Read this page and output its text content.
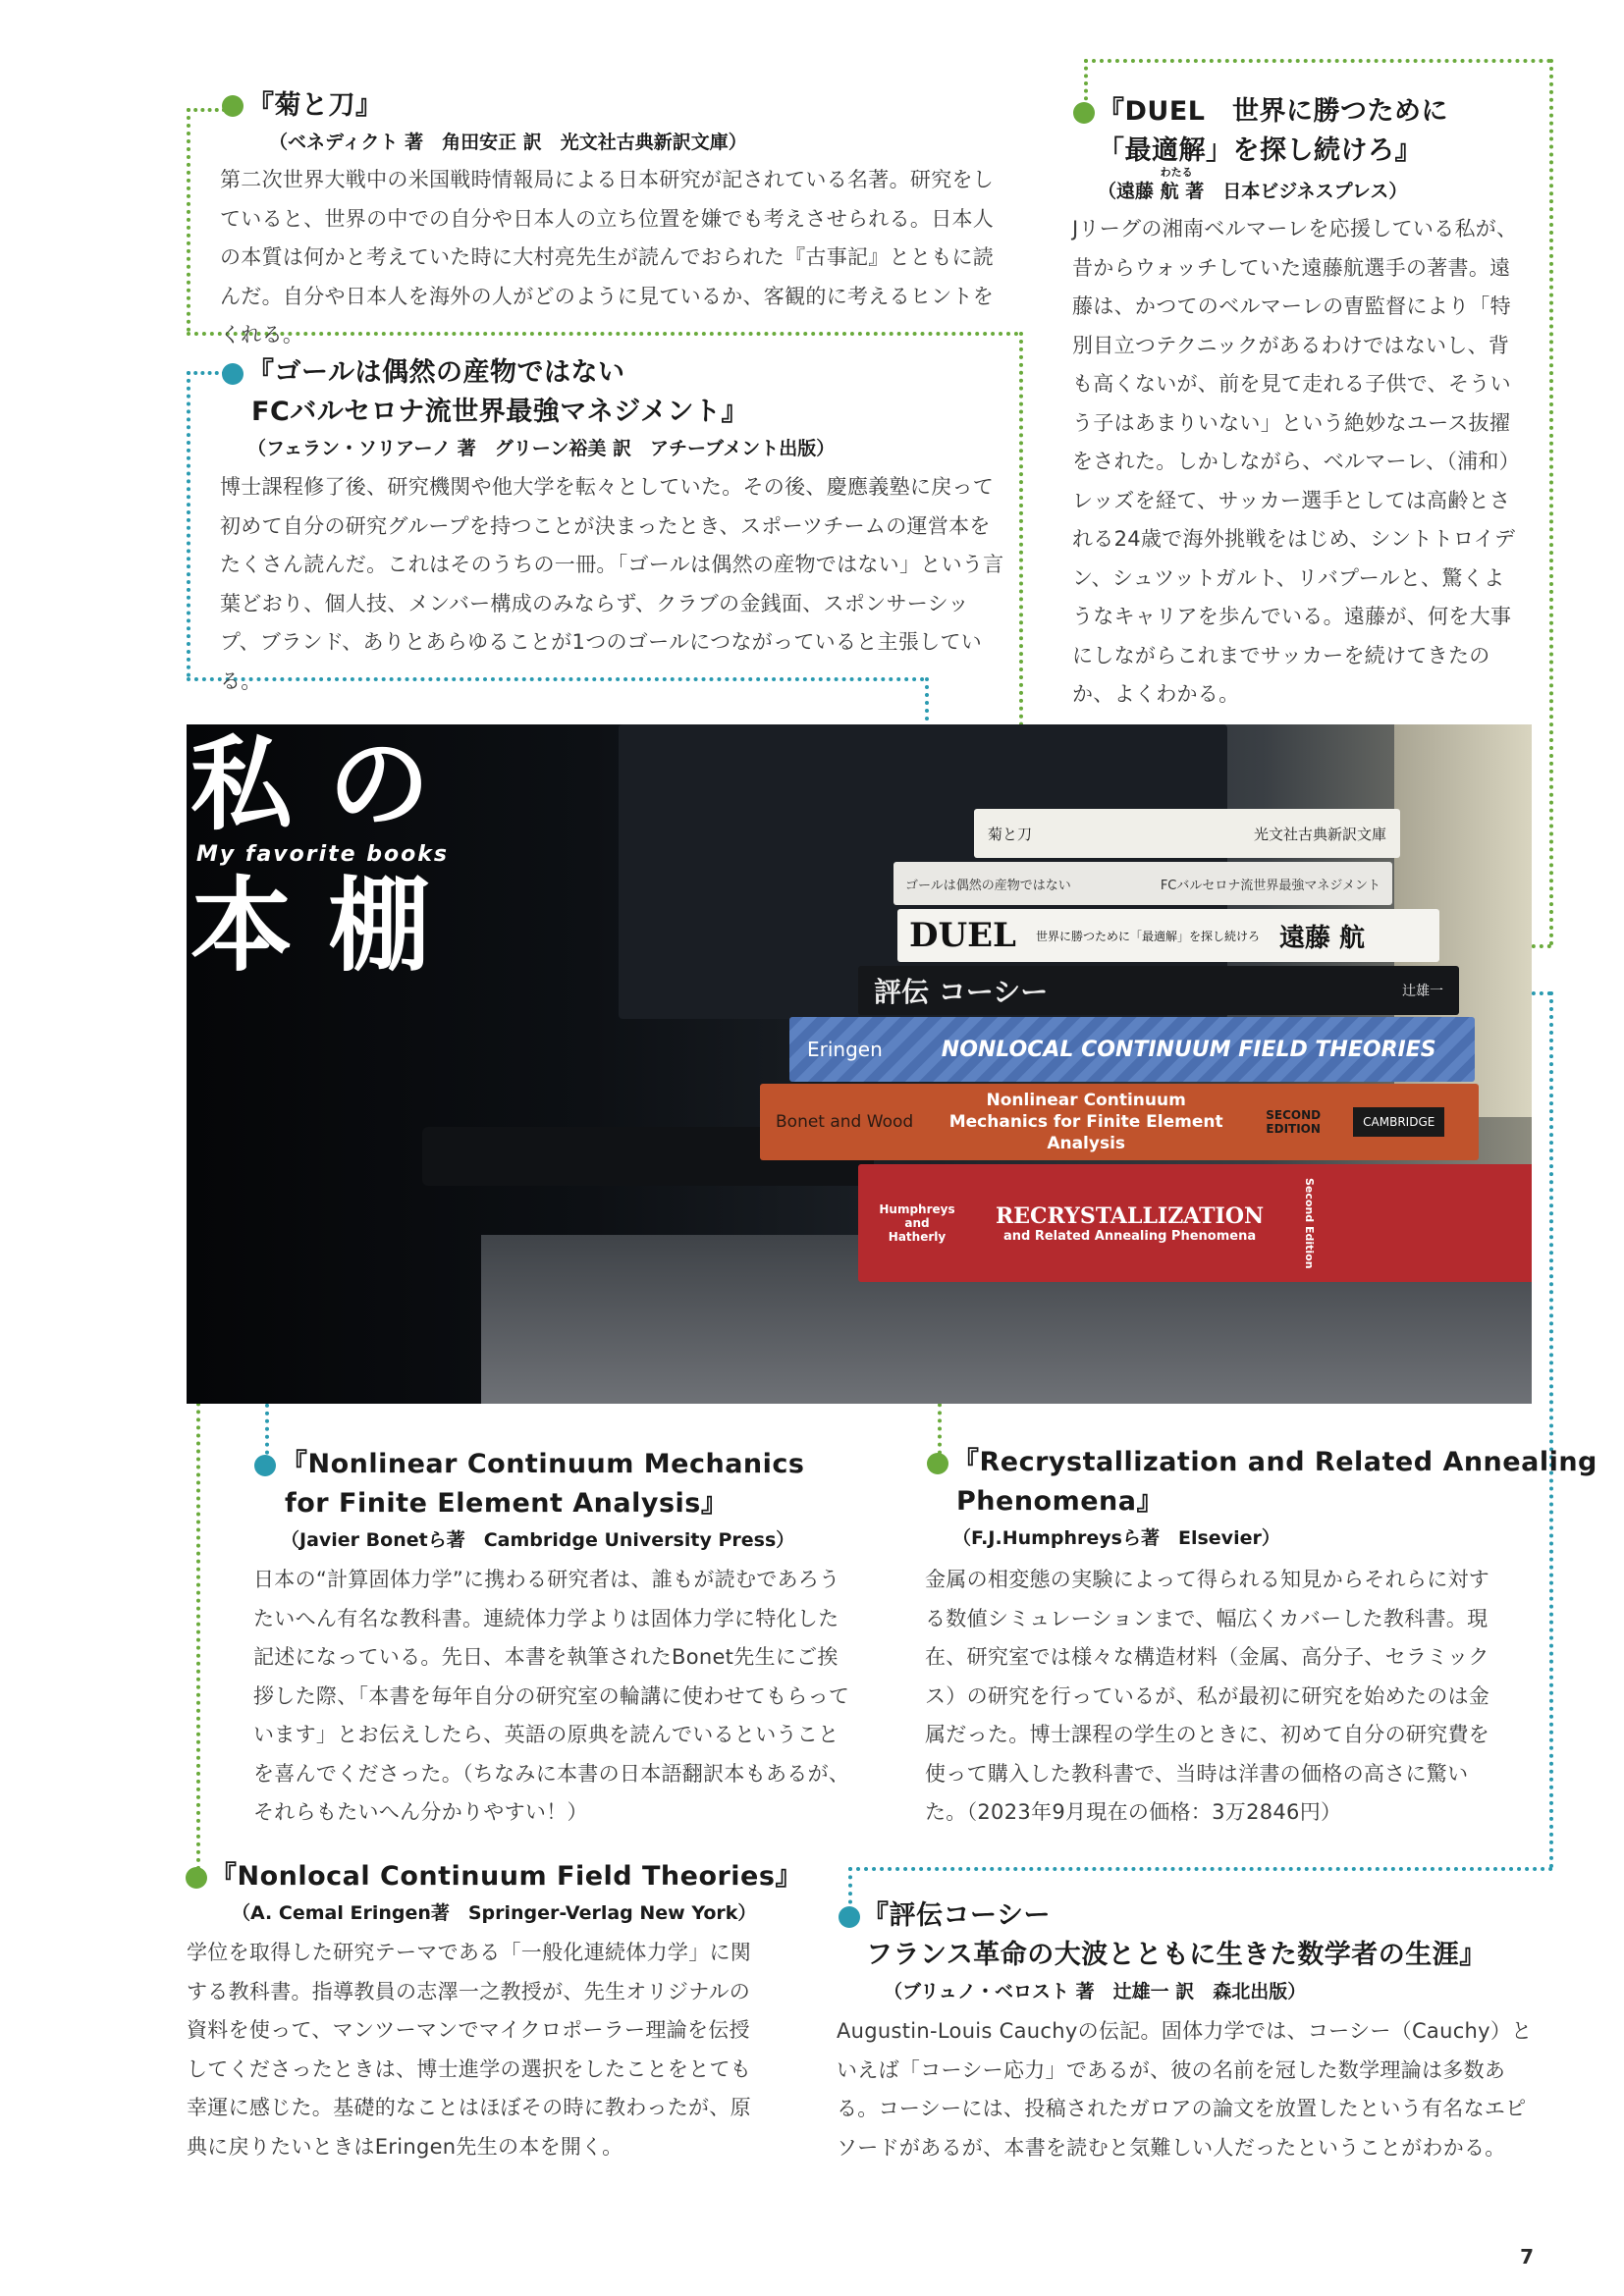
『菊と刀』
（ベネディクト 著　角田安正 訳　光文社古典新訳文庫）
第二次世界大戦中の米国戦時情報局による日本研究が記されている名著。研究をしていると、世界の中での自分や日本人の立ち位置を嫌でも考えさせられる。日本人の本質は何かと考えていた時に大村亮先生が読んでおられた『古事記』とともに読んだ。自分や日本人を海外の人がどのように見ているか、客観的に考えるヒントをくれる。
『ゴールは偶然の産物ではない
FCバルセロナ流世界最強マネジメント』
（フェラン・ソリアーノ 著　グリーン裕美 訳　アチーブメント出版）
博士課程修了後、研究機関や他大学を転々としていた。その後、慶應義塾に戻って初めて自分の研究グループを持つことが決まったとき、スポーツチームの運営本をたくさん読んだ。これはそのうちの一冊。「ゴールは偶然の産物ではない」という言葉どおり、個人技、メンバー構成のみならず、クラブの金銭面、スポンサーシップ、ブランド、ありとあらゆることが1つのゴールにつながっていると主張している。
『DUEL　世界に勝つために
「最適解」を探し続けろ』
（遠藤
わたる
航 著　日本ビジネスプレス）
Jリーグの湘南ベルマーレを応援している私が、昔からウォッチしていた遠藤航選手の著書。遠藤は、かつてのベルマーレの曺監督により「特別目立つテクニックがあるわけではないし、背も高くないが、前を見て走れる子供で、そういう子はあまりいない」という絶妙なユース抜擢をされた。しかしながら、ベルマーレ、（浦和）レッズを経て、サッカー選手としては高齢とされる24歳で海外挑戦をはじめ、シントトロイデン、シュツットガルト、リバプールと、驚くようなキャリアを歩んでいる。遠藤が、何を大事にしながらこれまでサッカーを続けてきたのか、よくわかる。
私の
My favorite books
本棚
菊と刀	光文社古典新訳文庫
ゴールは偶然の産物ではない	FCバルセロナ流世界最強マネジメント
DUEL 世界に勝つために「最適解」を探し続けろ 遠藤 航
評伝 コーシー	辻雄一
Eringen	NONLOCAL CONTINUUM FIELD THEORIES
Bonet and Wood
Nonlinear Continuum Mechanics for Finite Element Analysis
SECOND EDITION	CAMBRIDGE
Humphreys and Hatherly
RECRYSTALLIZATION
and Related Annealing Phenomena	Second Edition
『Nonlinear Continuum Mechanics
for Finite Element Analysis』
（Javier Bonetら著　Cambridge University Press）
日本の“計算固体力学”に携わる研究者は、誰もが読むであろうたいへん有名な教科書。連続体力学よりは固体力学に特化した記述になっている。先日、本書を執筆されたBonet先生にご挨拶した際、「本書を毎年自分の研究室の輪講に使わせてもらっています」とお伝えしたら、英語の原典を読んでいるということを喜んでくださった。（ちなみに本書の日本語翻訳本もあるが、それらもたいへん分かりやすい！）
『Recrystallization and Related Annealing
Phenomena』
（F.J.Humphreysら著　Elsevier）
金属の相変態の実験によって得られる知見からそれらに対する数値シミュレーションまで、幅広くカバーした教科書。現在、研究室では様々な構造材料（金属、高分子、セラミックス）の研究を行っているが、私が最初に研究を始めたのは金属だった。博士課程の学生のときに、初めて自分の研究費を使って購入した教科書で、当時は洋書の価格の高さに驚いた。（2023年9月現在の価格：3万2846円）
『Nonlocal Continuum Field Theories』
（A. Cemal Eringen著　Springer-Verlag New York）
学位を取得した研究テーマである「一般化連続体力学」に関する教科書。指導教員の志澤一之教授が、先生オリジナルの資料を使って、マンツーマンでマイクロポーラー理論を伝授してくださったときは、博士進学の選択をしたことをとても幸運に感じた。基礎的なことはほぼその時に教わったが、原典に戻りたいときはEringen先生の本を開く。
『評伝コーシー
フランス革命の大波とともに生きた数学者の生涯』
（ブリュノ・ベロスト 著　辻雄一 訳　森北出版）
Augustin-Louis Cauchyの伝記。固体力学では、コーシー（Cauchy）といえば「コーシー応力」であるが、彼の名前を冠した数学理論は多数ある。コーシーには、投稿されたガロアの論文を放置したという有名なエピソードがあるが、本書を読むと気難しい人だったということがわかる。
7
